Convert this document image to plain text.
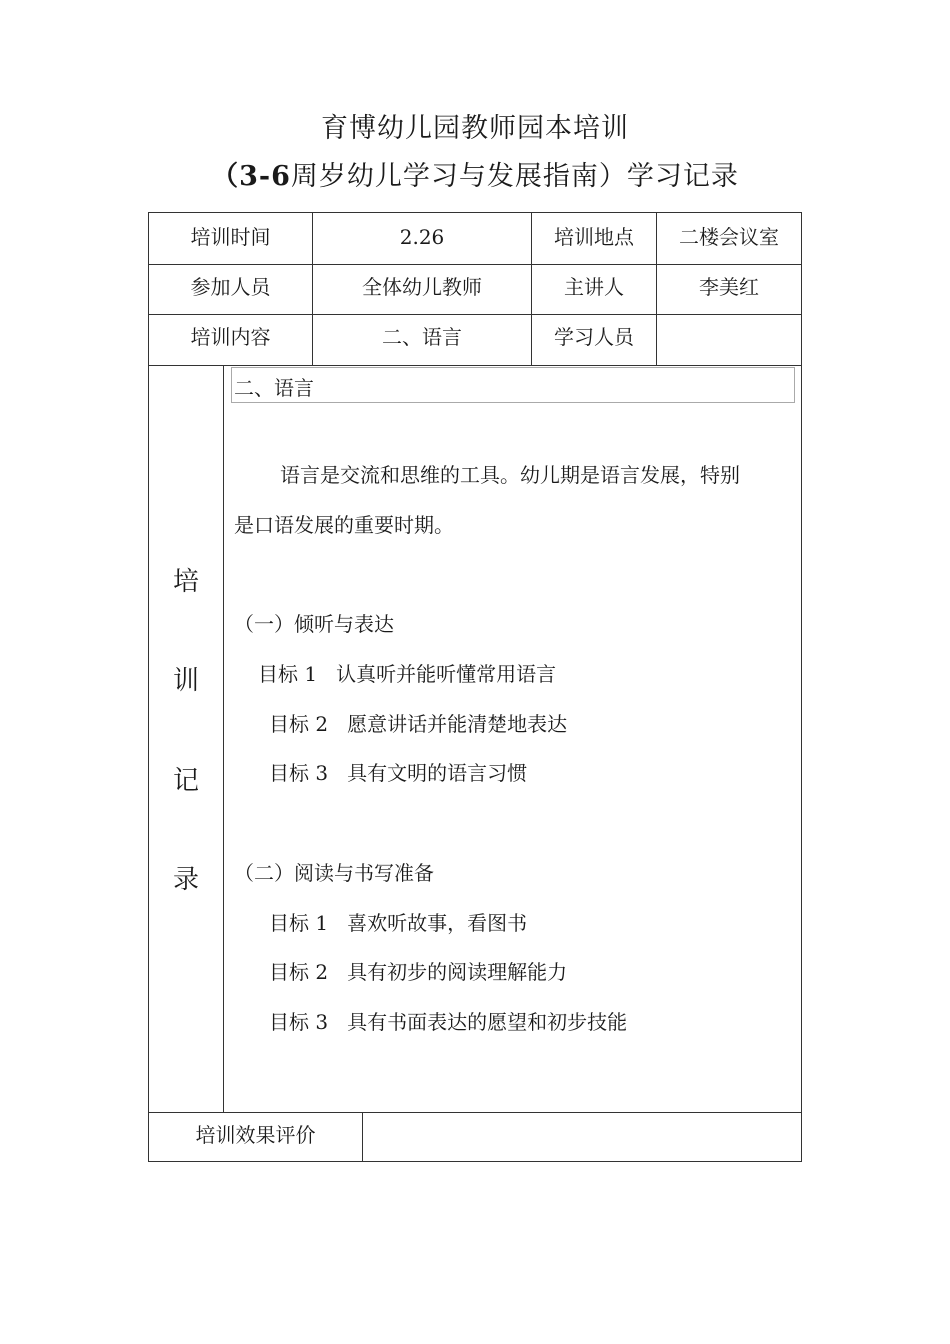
育博幼儿园教师园本培训
（3-6周岁幼儿学习与发展指南）学习记录
培训时间	2.26	培训地点	二楼会议室
参加人员	全体幼儿教师	主讲人	李美红
培训内容	二、语言	学习人员
培
训
记
录
二、语言
语言是交流和思维的工具。幼儿期是语言发展，特别
是口语发展的重要时期。
（一）倾听与表达
目标 1   认真听并能听懂常用语言
目标 2   愿意讲话并能清楚地表达
目标 3   具有文明的语言习惯
（二）阅读与书写准备
目标 1   喜欢听故事，看图书
目标 2   具有初步的阅读理解能力
目标 3   具有书面表达的愿望和初步技能
培训效果评价
